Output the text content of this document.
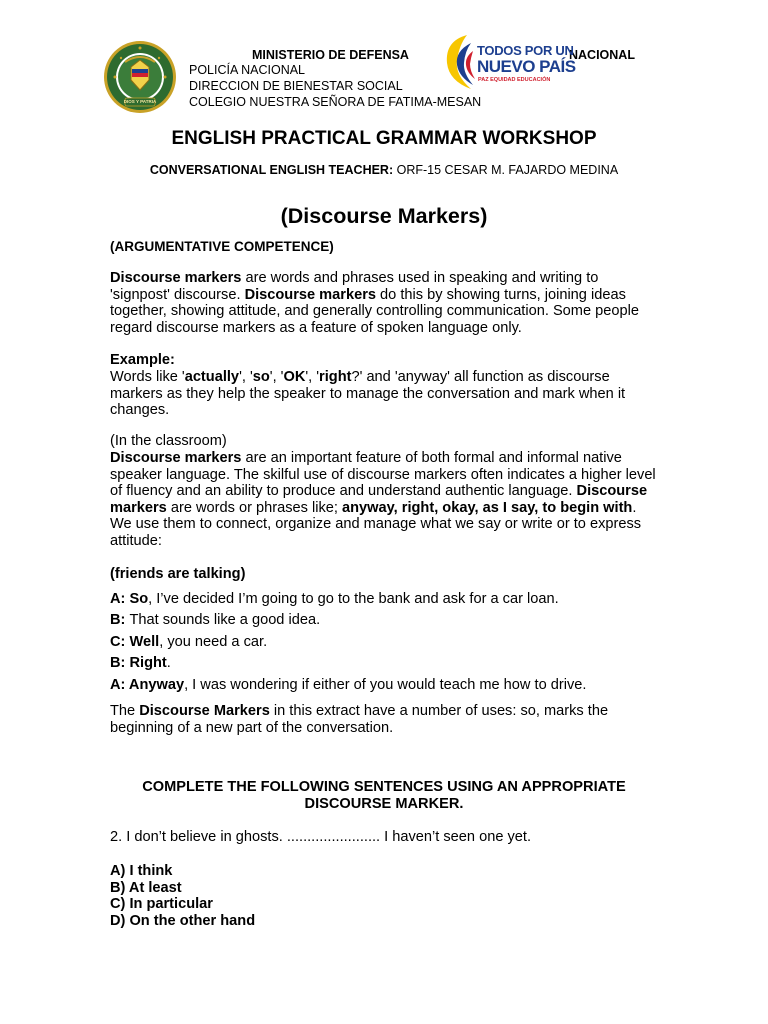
DIOS Y PATRIA
MINISTERIO DE DEFENSA	NACIONAL
POLICÍA NACIONAL
DIRECCION DE BIENESTAR SOCIAL
COLEGIO NUESTRA SEÑORA DE FATIMA-MESAN
TODOS POR UN
NUEVO PAÍS
PAZ EQUIDAD EDUCACIÓN
ENGLISH PRACTICAL GRAMMAR WORKSHOP
CONVERSATIONAL ENGLISH TEACHER: ORF-15 CESAR M. FAJARDO MEDINA
(Discourse Markers)
(ARGUMENTATIVE COMPETENCE)
Discourse markers are words and phrases used in speaking and writing to 'signpost' discourse. Discourse markers do this by showing turns, joining ideas together, showing attitude, and generally controlling communication. Some people regard discourse markers as a feature of spoken language only.
Example:
Words like 'actually', 'so', 'OK', 'right?' and 'anyway' all function as discourse markers as they help the speaker to manage the conversation and mark when it changes.
(In the classroom)
Discourse markers are an important feature of both formal and informal native speaker language. The skilful use of discourse markers often indicates a higher level of fluency and an ability to produce and understand authentic language. Discourse markers are words or phrases like; anyway, right, okay, as I say, to begin with. We use them to connect, organize and manage what we say or write or to express attitude:
(friends are talking)
A: So, I’ve decided I’m going to go to the bank and ask for a car loan.
B: That sounds like a good idea.
C: Well, you need a car.
B: Right.
A: Anyway, I was wondering if either of you would teach me how to drive.
The Discourse Markers in this extract have a number of uses: so, marks the beginning of a new part of the conversation.
COMPLETE THE FOLLOWING SENTENCES USING AN APPROPRIATE DISCOURSE MARKER.
2. I don’t believe in ghosts. ....................... I haven’t seen one yet.
A) I think
B) At least
C) In particular
D) On the other hand
